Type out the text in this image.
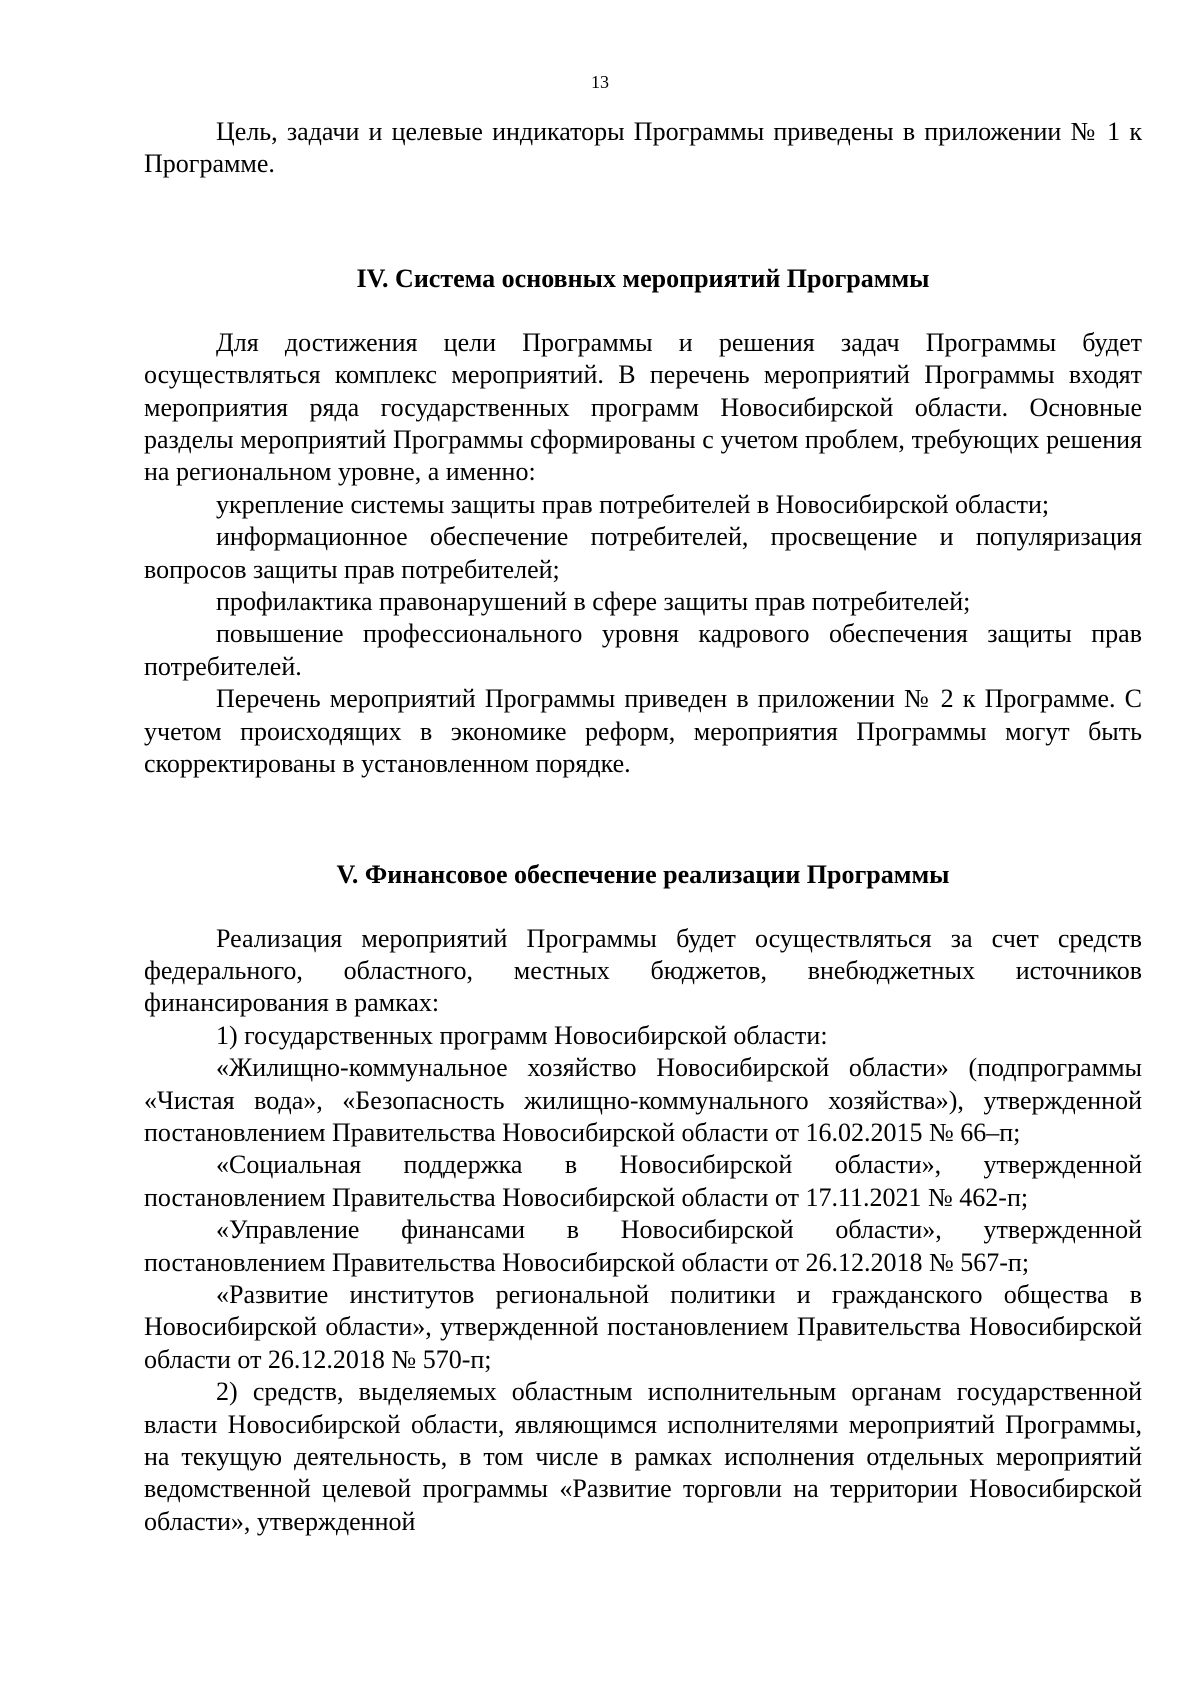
13

Цель, задачи и целевые индикаторы Программы приведены в приложении № 1 к Программе.

IV. Система основных мероприятий Программы

Для достижения цели Программы и решения задач Программы будет осуществляться комплекс мероприятий. В перечень мероприятий Программы входят мероприятия ряда государственных программ Новосибирской области. Основные разделы мероприятий Программы сформированы с учетом проблем, требующих решения на региональном уровне, а именно:

укрепление системы защиты прав потребителей в Новосибирской области;

информационное обеспечение потребителей, просвещение и популяризация вопросов защиты прав потребителей;

профилактика правонарушений в сфере защиты прав потребителей;

повышение профессионального уровня кадрового обеспечения защиты прав потребителей.

Перечень мероприятий Программы приведен в приложении № 2 к Программе. С учетом происходящих в экономике реформ, мероприятия Программы могут быть скорректированы в установленном порядке.

V. Финансовое обеспечение реализации Программы

Реализация мероприятий Программы будет осуществляться за счет средств федерального, областного, местных бюджетов, внебюджетных источников финансирования в рамках:

1) государственных программ Новосибирской области:

«Жилищно-коммунальное хозяйство Новосибирской области» (подпрограммы «Чистая вода», «Безопасность жилищно-коммунального хозяйства»), утвержденной постановлением Правительства Новосибирской области от 16.02.2015 № 66–п;

«Социальная поддержка в Новосибирской области», утвержденной постановлением Правительства Новосибирской области от 17.11.2021 № 462-п;

«Управление финансами в Новосибирской области», утвержденной постановлением Правительства Новосибирской области от 26.12.2018 № 567-п;

«Развитие институтов региональной политики и гражданского общества в Новосибирской области», утвержденной постановлением Правительства Новосибирской области от 26.12.2018 № 570-п;

2) средств, выделяемых областным исполнительным органам государственной власти Новосибирской области, являющимся исполнителями мероприятий Программы, на текущую деятельность, в том числе в рамках исполнения отдельных мероприятий ведомственной целевой программы «Развитие торговли на территории Новосибирской области», утвержденной
